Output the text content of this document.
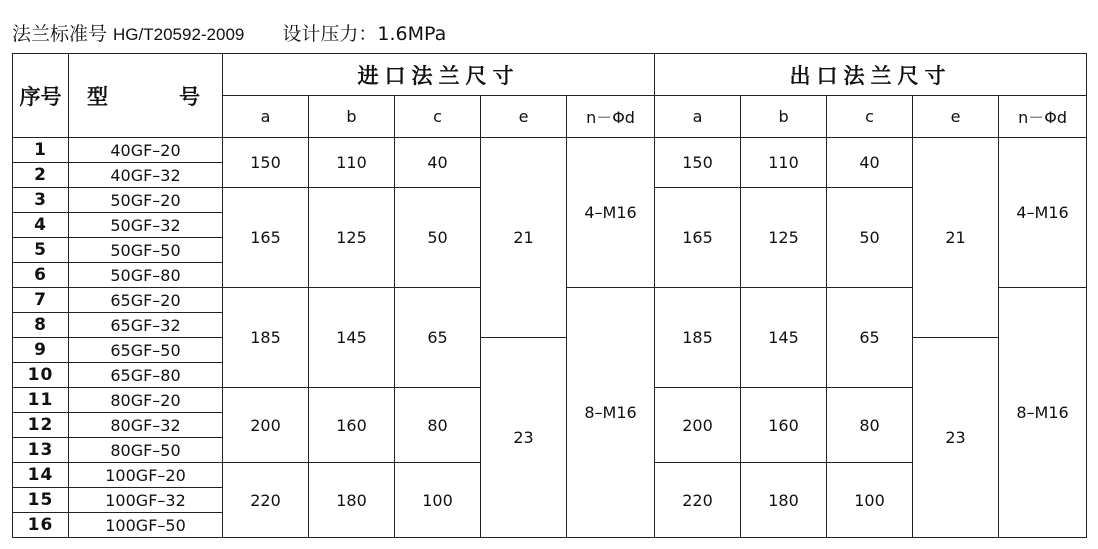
法兰标准号 HG/T20592-2009 设计压力：1.6MPa
序号	型 号	进口法兰尺寸					出口法兰尺寸				
		a	b	c	e	n－Φd	a	b	c	e	n－Φd
1	40GF–20	150	110	40	21	4–M16	150	110	40	21	4–M16
2	40GF–32										
3	50GF–20	165	125	50			165	125	50		
4	50GF–32										
5	50GF–50										
6	50GF–80										
7	65GF–20	185	145	65		8–M16	185	145	65		8–M16
8	65GF–32										
9	65GF–50				23					23	
10	65GF–80										
11	80GF–20	200	160	80			200	160	80		
12	80GF–32										
13	80GF–50										
14	100GF–20	220	180	100			220	180	100		
15	100GF–32										
16	100GF–50										
